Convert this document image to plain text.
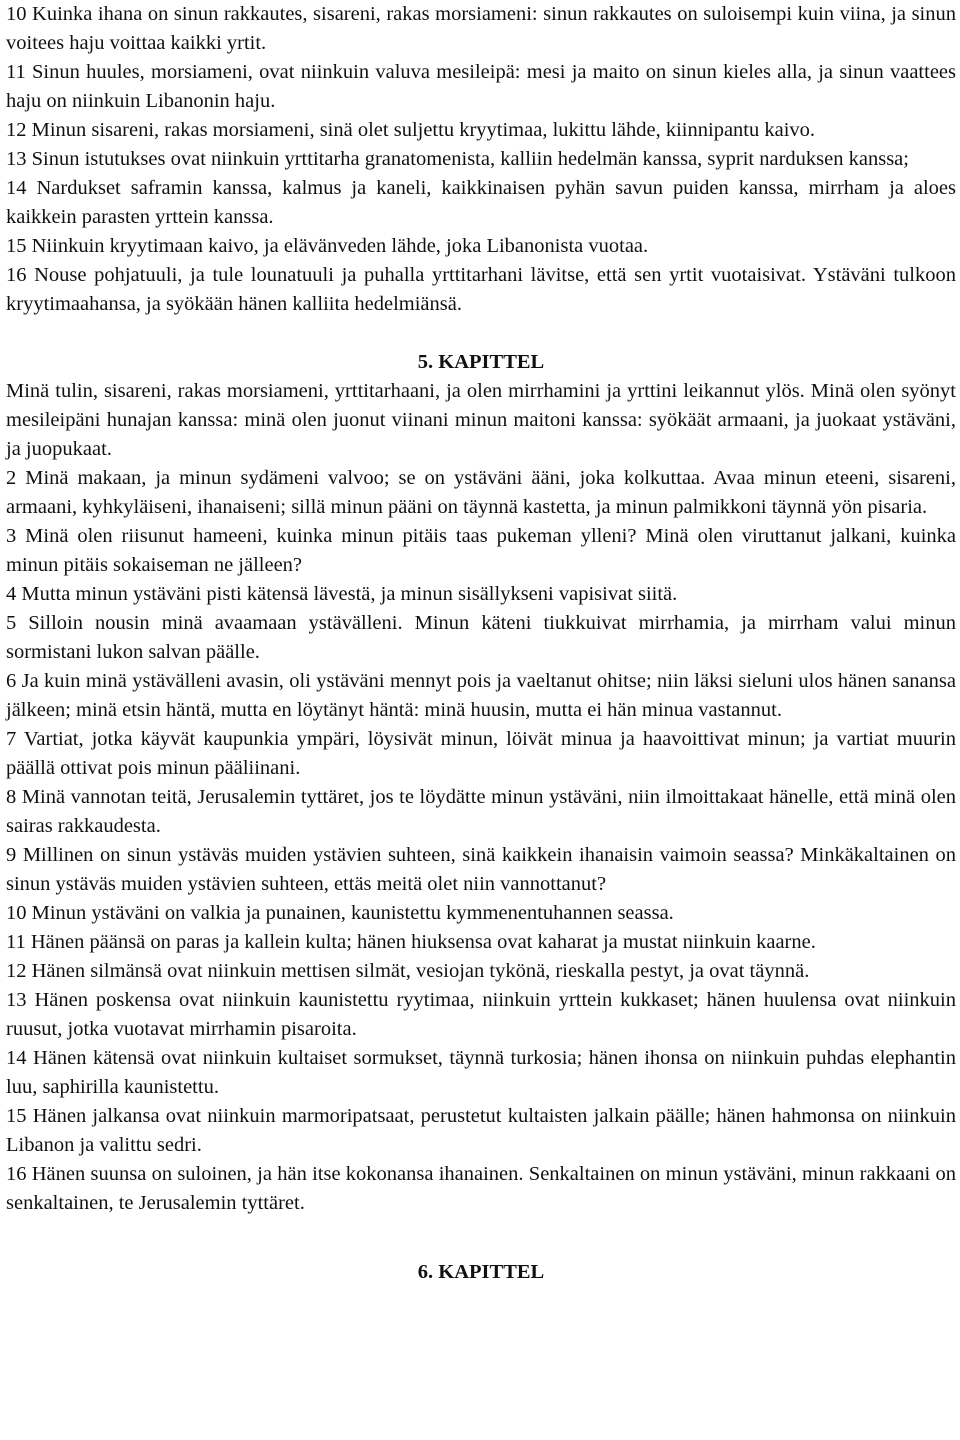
10 Kuinka ihana on sinun rakkautes, sisareni, rakas morsiameni: sinun rakkautes on suloisempi kuin viina, ja sinun voitees haju voittaa kaikki yrtit.

11 Sinun huules, morsiameni, ovat niinkuin valuva mesileipä: mesi ja maito on sinun kieles alla, ja sinun vaattees haju on niinkuin Libanonin haju.

12 Minun sisareni, rakas morsiameni, sinä olet suljettu kryytimaa, lukittu lähde, kiinnipantu kaivo.

13 Sinun istutukses ovat niinkuin yrttitarha granatomenista, kalliin hedelmän kanssa, syprit narduksen kanssa;

14 Nardukset saframin kanssa, kalmus ja kaneli, kaikkinaisen pyhän savun puiden kanssa, mirrham ja aloes kaikkein parasten yrttein kanssa.

15 Niinkuin kryytimaan kaivo, ja elävänveden lähde, joka Libanonista vuotaa.

16 Nouse pohjatuuli, ja tule lounatuuli ja puhalla yrttitarhani lävitse, että sen yrtit vuotaisivat. Ystäväni tulkoon kryytimaahansa, ja syökään hänen kalliita hedelmiänsä.

5. KAPITTEL

Minä tulin, sisareni, rakas morsiameni, yrttitarhaani, ja olen mirrhamini ja yrttini leikannut ylös. Minä olen syönyt mesileipäni hunajan kanssa: minä olen juonut viinani minun maitoni kanssa: syökäät armaani, ja juokaat ystäväni, ja juopukaat.

2 Minä makaan, ja minun sydämeni valvoo; se on ystäväni ääni, joka kolkuttaa. Avaa minun eteeni, sisareni, armaani, kyhkyläiseni, ihanaiseni; sillä minun pääni on täynnä kastetta, ja minun palmikkoni täynnä yön pisaria.

3 Minä olen riisunut hameeni, kuinka minun pitäis taas pukeman ylleni? Minä olen viruttanut jalkani, kuinka minun pitäis sokaiseman ne jälleen?

4 Mutta minun ystäväni pisti kätensä lävestä, ja minun sisällykseni vapisivat siitä.

5 Silloin nousin minä avaamaan ystävälleni. Minun käteni tiukkuivat mirrhamia, ja mirrham valui minun sormistani lukon salvan päälle.

6 Ja kuin minä ystävälleni avasin, oli ystäväni mennyt pois ja vaeltanut ohitse; niin läksi sieluni ulos hänen sanansa jälkeen; minä etsin häntä, mutta en löytänyt häntä: minä huusin, mutta ei hän minua vastannut.

7 Vartiat, jotka käyvät kaupunkia ympäri, löysivät minun, löivät minua ja haavoittivat minun; ja vartiat muurin päällä ottivat pois minun pääliinani.

8 Minä vannotan teitä, Jerusalemin tyttäret, jos te löydätte minun ystäväni, niin ilmoittakaat hänelle, että minä olen sairas rakkaudesta.

9 Millinen on sinun ystäväs muiden ystävien suhteen, sinä kaikkein ihanaisin vaimoin seassa? Minkäkaltainen on sinun ystäväs muiden ystävien suhteen, ettäs meitä olet niin vannottanut?

10 Minun ystäväni on valkia ja punainen, kaunistettu kymmenentuhannen seassa.

11 Hänen päänsä on paras ja kallein kulta; hänen hiuksensa ovat kaharat ja mustat niinkuin kaarne.

12 Hänen silmänsä ovat niinkuin mettisen silmät, vesiojan tykönä, rieskalla pestyt, ja ovat täynnä.

13 Hänen poskensa ovat niinkuin kaunistettu ryytimaa, niinkuin yrttein kukkaset; hänen huulensa ovat niinkuin ruusut, jotka vuotavat mirrhamin pisaroita.

14 Hänen kätensä ovat niinkuin kultaiset sormukset, täynnä turkosia; hänen ihonsa on niinkuin puhdas elephantin luu, saphirilla kaunistettu.

15 Hänen jalkansa ovat niinkuin marmoripatsaat, perustetut kultaisten jalkain päälle; hänen hahmonsa on niinkuin Libanon ja valittu sedri.

16 Hänen suunsa on suloinen, ja hän itse kokonansa ihanainen. Senkaltainen on minun ystäväni, minun rakkaani on senkaltainen, te Jerusalemin tyttäret.

6. KAPITTEL
